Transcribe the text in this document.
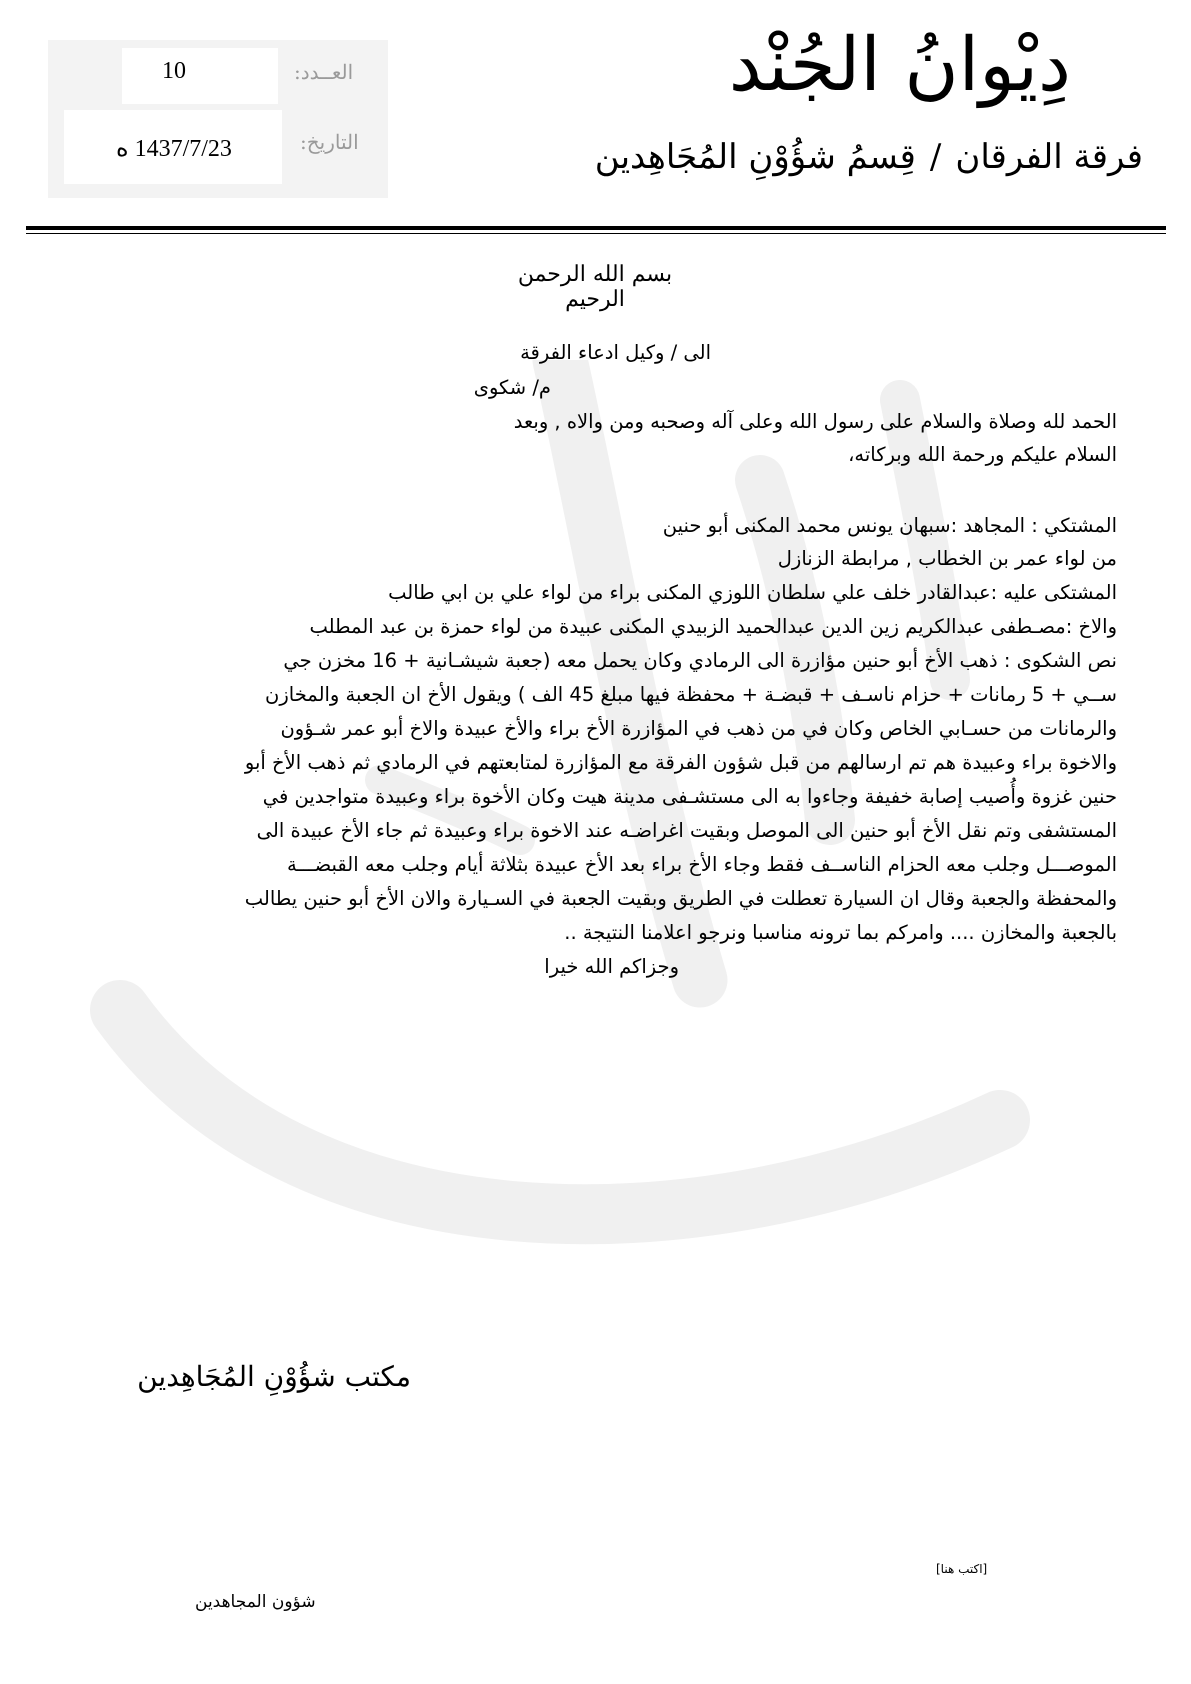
العــدد:
10
التاريخ:
1437/7/23 ه
دِيْوانُ الجُنْد
فرقة الفرقان/قِسمُ شؤُوْنِ المُجَاهِدين
بسم الله الرحمن الرحيم
الى / وكيل ادعاء الفرقة
م/ شكوى
الحمد لله وصلاة والسلام على رسول الله وعلى آله وصحبه ومن والاه , وبعد
السلام عليكم ورحمة الله وبركاته،
المشتكي : المجاهد :سبهان يونس محمد المكنى أبو حنين
من لواء عمر بن الخطاب , مرابطة الزنازل
المشتكى عليه :عبدالقادر خلف علي سلطان اللوزي المكنى براء من لواء علي بن ابي طالب
والاخ :مصـطفى عبدالكريم زين الدين عبدالحميد الزبيدي المكنى عبيدة من لواء حمزة بن عبد المطلب
نص الشكوى : ذهب الأخ أبو حنين مؤازرة الى الرمادي وكان يحمل معه (جعبة شيشـانية + 16 مخزن جي
ســي + 5 رمانات + حزام ناسـف + قبضـة + محفظة فيها مبلغ 45 الف ) ويقول الأخ ان الجعبة والمخازن
والرمانات من حسـابي الخاص وكان في من ذهب في المؤازرة الأخ براء والأخ عبيدة والاخ أبو عمر شـؤون
والاخوة براء وعبيدة هم تم ارسالهم من قبل شؤون الفرقة مع المؤازرة لمتابعتهم في الرمادي ثم ذهب الأخ أبو
حنين غزوة وأُصيب إصابة خفيفة وجاءوا به الى مستشـفى مدينة هيت وكان الأخوة براء وعبيدة متواجدين في
المستشفى وتم نقل الأخ أبو حنين الى الموصل وبقيت اغراضـه عند الاخوة براء وعبيدة ثم جاء الأخ عبيدة الى
الموصـــل وجلب معه الحزام الناســف فقط وجاء الأخ براء بعد الأخ عبيدة بثلاثة أيام وجلب معه القبضـــة
والمحفظة والجعبة وقال ان السيارة تعطلت في الطريق وبقيت الجعبة في السـيارة والان الأخ أبو حنين يطالب
بالجعبة والمخازن .... وامركم بما ترونه مناسبا ونرجو اعلامنا النتيجة ..
وجزاكم الله خيرا
مكتب شؤُوْنِ المُجَاهِدين
[اكتب هنا]
شؤون المجاهدين
